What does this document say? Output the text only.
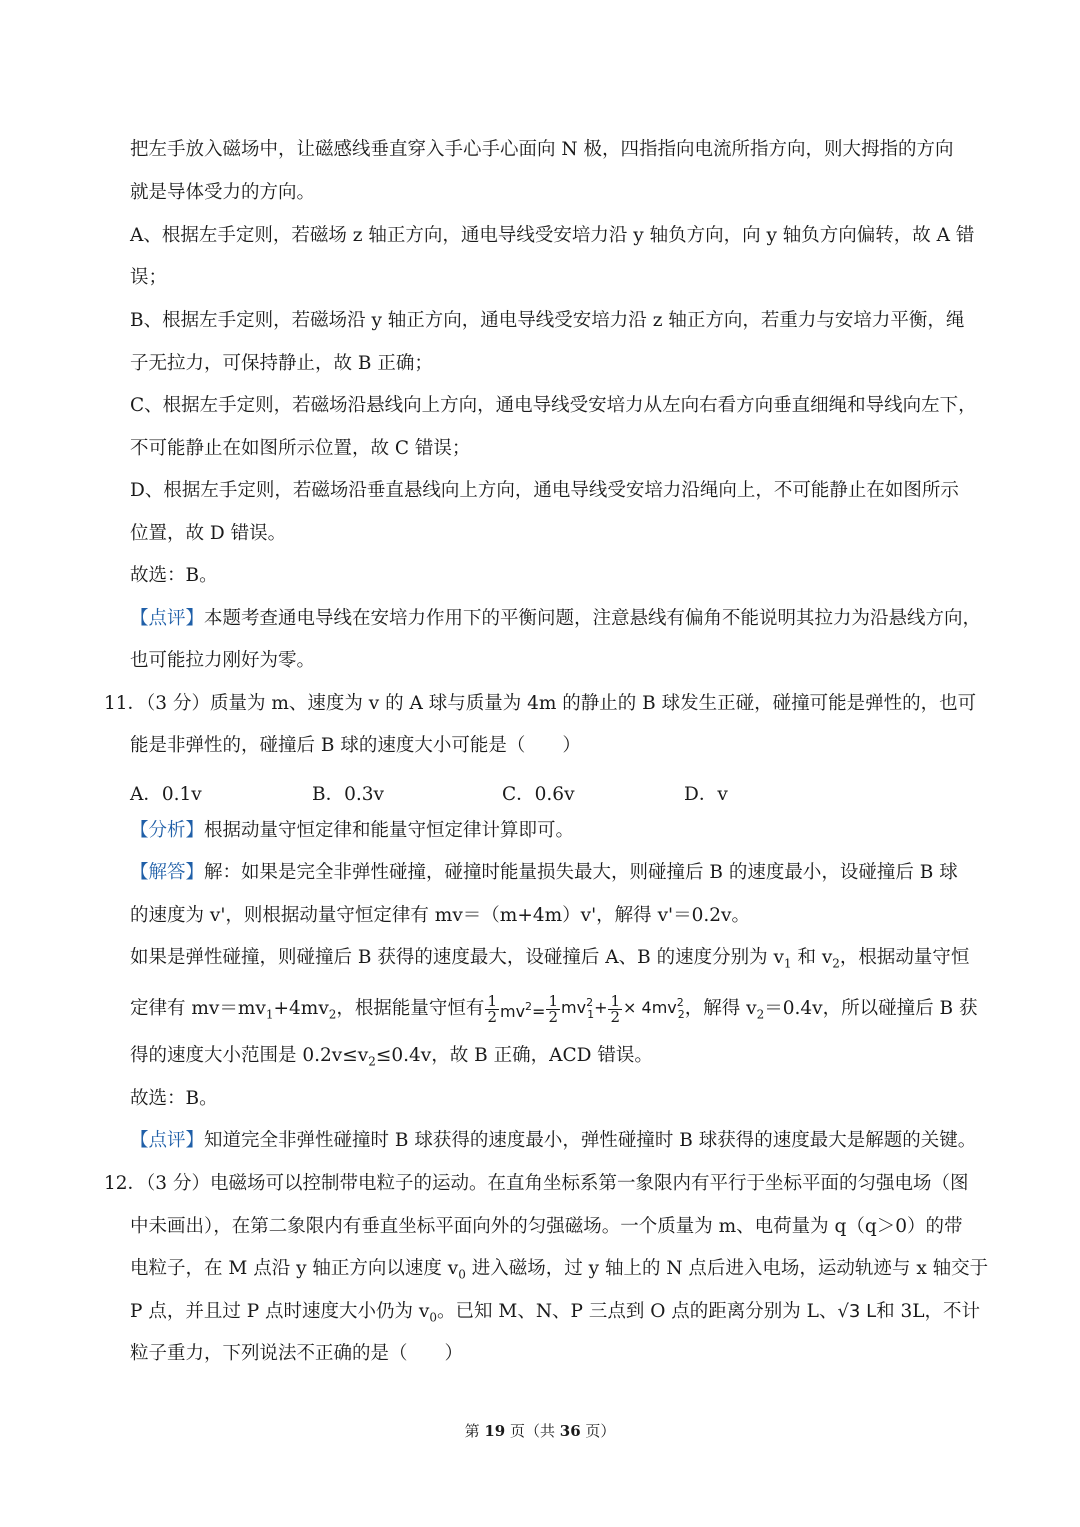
把左手放入磁场中，让磁感线垂直穿入手心手心面向 N 极，四指指向电流所指方向，则大拇指的方向
就是导体受力的方向。
A、根据左手定则，若磁场 z 轴正方向，通电导线受安培力沿 y 轴负方向，向 y 轴负方向偏转，故 A 错
误；
B、根据左手定则，若磁场沿 y 轴正方向，通电导线受安培力沿 z 轴正方向，若重力与安培力平衡，绳
子无拉力，可保持静止，故 B 正确；
C、根据左手定则，若磁场沿悬线向上方向，通电导线受安培力从左向右看方向垂直细绳和导线向左下，
不可能静止在如图所示位置，故 C 错误；
D、根据左手定则，若磁场沿垂直悬线向上方向，通电导线受安培力沿绳向上，不可能静止在如图所示
位置，故 D 错误。
故选：B。
【点评】本题考查通电导线在安培力作用下的平衡问题，注意悬线有偏角不能说明其拉力为沿悬线方向，
也可能拉力刚好为零。
11．（3 分）质量为 m、速度为 v 的 A 球与质量为 4m 的静止的 B 球发生正碰，碰撞可能是弹性的，也可
能是非弹性的，碰撞后 B 球的速度大小可能是（　　）
A．0.1v	B．0.3v	C．0.6v	D．v
【分析】根据动量守恒定律和能量守恒定律计算即可。
【解答】解：如果是完全非弹性碰撞，碰撞时能量损失最大，则碰撞后 B 的速度最小，设碰撞后 B 球
的速度为 v'，则根据动量守恒定律有 mv＝（m+4m）v'，解得 v'＝0.2v。
如果是弹性碰撞，则碰撞后 B 获得的速度最大，设碰撞后 A、B 的速度分别为 $v_1$ 和 $v_2$，根据动量守恒
定律有 $mv=mv_1+4mv_2$，根据能量守恒有 $\frac{1}{2} mv^2= \frac{1}{2} mv^2_1+ \frac{1}{2} \times 4mv^2_2$，解得 $v_2=0.4v$，所以碰撞后 B 获
得的速度大小范围是 $0.2v\le v_2\le 0.4v$，故 B 正确，ACD 错误。
故选：B。
【点评】知道完全非弹性碰撞时 B 球获得的速度最小，弹性碰撞时 B 球获得的速度最大是解题的关键。
12．（3 分）电磁场可以控制带电粒子的运动。在直角坐标系第一象限内有平行于坐标平面的匀强电场（图
中未画出），在第二象限内有垂直坐标平面向外的匀强磁场。一个质量为 m、电荷量为 q（q＞0）的带
电粒子，在 M 点沿 y 轴正方向以速度 $v_0$ 进入磁场，过 y 轴上的 N 点后进入电场，运动轨迹与 x 轴交于
P 点，并且过 P 点时速度大小仍为 $v_0$。已知 M、N、P 三点到 O 点的距离分别为 L、√3 L和 3L，不计
粒子重力，下列说法不正确的是（　　）
第 19 页（共 36 页）
